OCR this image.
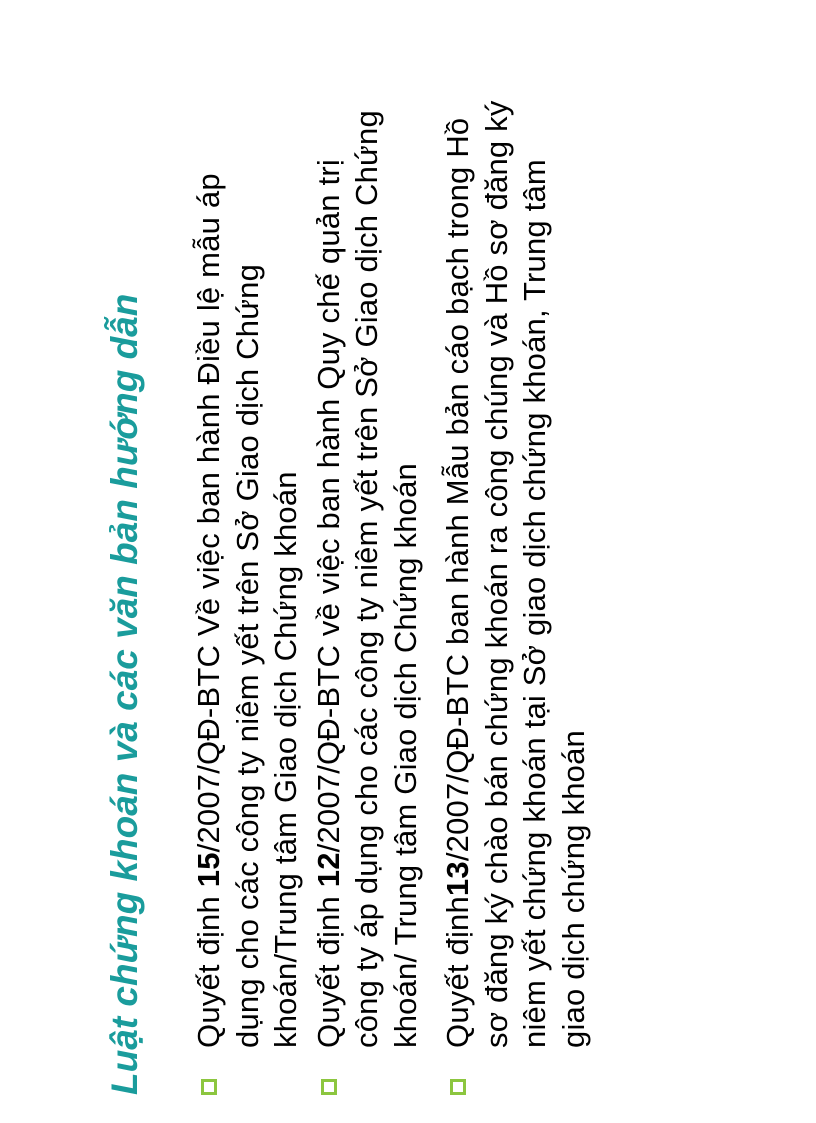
Luật chứng khoán và các văn bản hướng dẫn Quyết định 15/2007/QĐ-BTC Về việc ban hành Điều lệ mẫu áp dụng cho các công ty niêm yết trên Sở Giao dịch Chứng khoán/Trung tâm Giao dịch Chứng khoán Quyết định 12/2007/QĐ-BTC về việc ban hành Quy chế quản trị công ty áp dụng cho các công ty niêm yết trên Sở Giao dịch Chứng khoán/ Trung tâm Giao dịch Chứng khoán Quyết định13/2007/QĐ-BTC ban hành Mẫu bản cáo bạch trong Hồ sơ đăng ký chào bán chứng khoán ra công chúng và Hồ sơ đăng ký niêm yết chứng khoán tại Sở giao dịch chứng khoán, Trung tâm giao dịch chứng khoán
